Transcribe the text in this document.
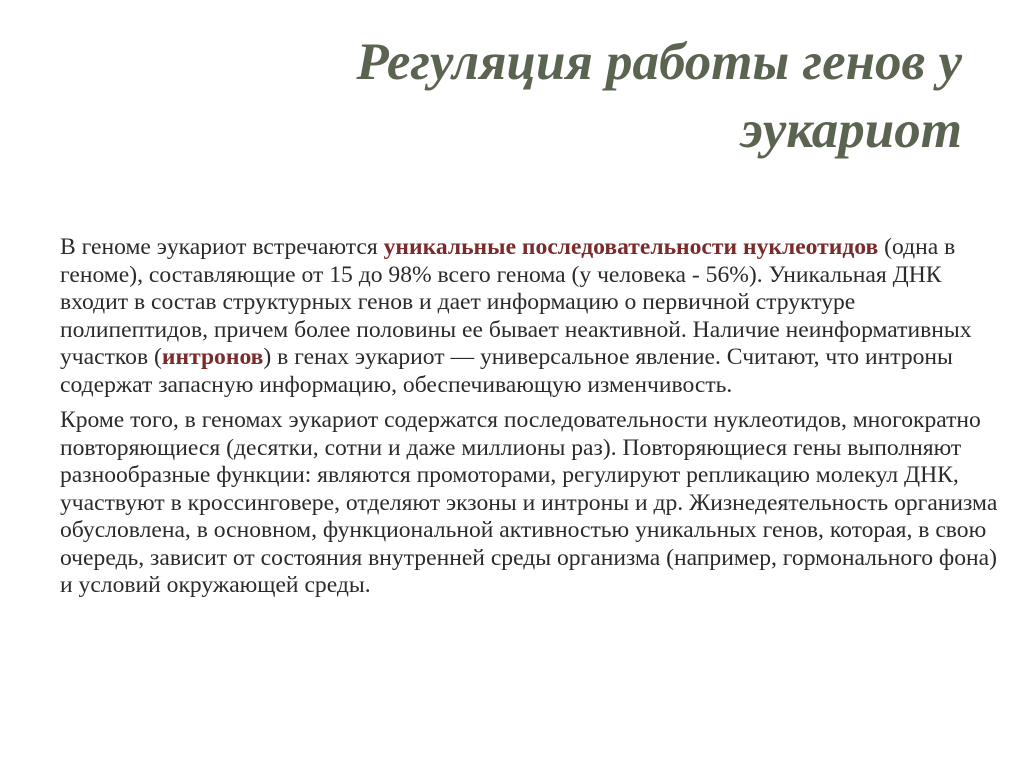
Регуляция работы генов у
эукариот

В геноме эукариот встречаются уникальные последовательности нуклеотидов (одна в геноме), составляющие от 15 до 98% всего генома (у человека - 56%). Уникальная ДНК входит в состав структурных генов и дает информацию о первичной структуре полипептидов, причем более половины ее бывает неактивной. Наличие неинформативных участков (интронов) в генах эукариот — универсальное явление. Считают, что интроны содержат запасную информацию, обеспечивающую изменчивость.

Кроме того, в геномах эукариот содержатся последовательности нуклеотидов, многократно повторяющиеся (десятки, сотни и даже миллионы раз). Повторяющиеся гены выполняют разнообразные функции: являются промоторами, регулируют репликацию молекул ДНК, участвуют в кроссинговере, отделяют экзоны и интроны и др. Жизнедеятельность организма обусловлена, в основном, функциональной активностью уникальных генов, которая, в свою очередь, зависит от состояния внутренней среды организма (например, гормонального фона) и условий окружающей среды.
